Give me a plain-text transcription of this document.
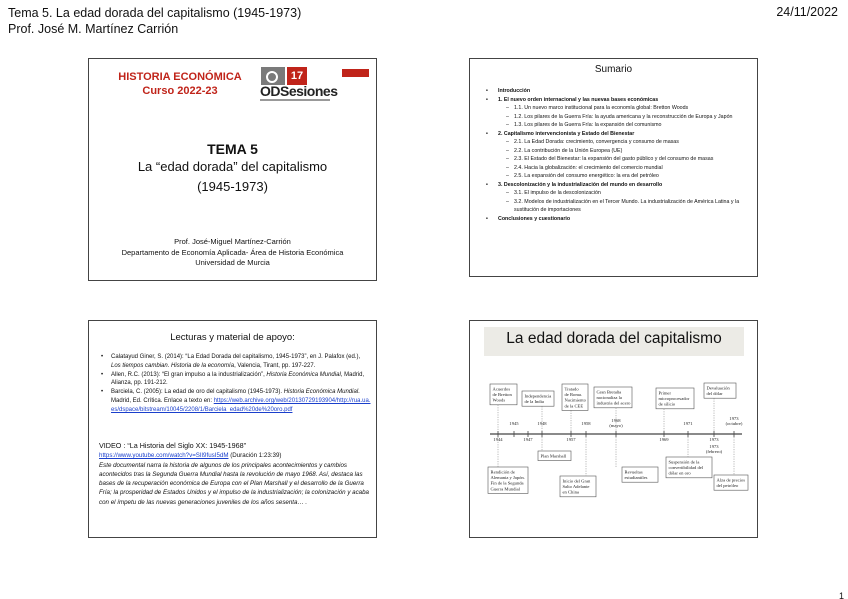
Tema 5. La edad dorada del capitalismo (1945-1973)
Prof. José M. Martínez Carrión
24/11/2022
HISTORIA ECONÓMICA
Curso 2022-23
17
ODSesiones
TEMA 5
La “edad dorada” del capitalismo
(1945-1973)
Prof. José-Miguel Martínez-Carrión
Departamento de Economía Aplicada- Área de Historia Económica
Universidad de Murcia
Sumario
• Introducción
• 1. El nuevo orden internacional y las nuevas bases económicas
– 1.1. Un nuevo marco institucional para la economía global: Bretton Woods
– 1.2. Los pilares de la Guerra Fría: la ayuda americana y la reconstrucción de Europa y Japón
– 1.3. Los pilares de la Guerra Fría: la expansión del comunismo
• 2. Capitalismo intervencionista y Estado del Bienestar
– 2.1. La Edad Dorada: crecimiento, convergencia y consumo de masas
– 2.2. La contribución de la Unión Europea (UE)
– 2.3. El Estado del Bienestar: la expansión del gasto público y del consumo de masas
– 2.4. Hacia la globalización: el crecimiento del comercio mundial
– 2.5. La expansión del consumo energético: la era del petróleo
• 3. Descolonización y la industrialización del mundo en desarrollo
– 3.1. El impulso de la descolonización
– 3.2. Modelos de industrialización en el Tercer Mundo. La industrialización de América Latina y la sustitución de importaciones
• Conclusiones y cuestionario
Lecturas y material de apoyo:
• Calatayud Giner, S. (2014): “La Edad Dorada del capitalismo, 1945-1973”, en J. Palafox (ed.), Los tiempos cambian. Historia de la economía, Valencia, Tirant, pp. 197-227.
• Allen, R.C. (2013): “El gran impulso a la industrialización”, Historia Económica Mundial, Madrid, Alianza, pp. 191-212.
• Barciela, C. (2005): La edad de oro del capitalismo (1945-1973). Historia Económica Mundial. Madrid, Ed. Crítica. Enlace a texto en: https://web.archive.org/web/20130729193904/http://rua.ua.es/dspace/bitstream/10045/2208/1/Barciela_edad%20de%20oro.pdf
VIDEO : “La Historia del Siglo XX: 1945-1968”
https://www.youtube.com/watch?v=SlI9fusI5dM (Duración 1:23:39)
Este documental narra la historia de algunos de los principales acontecimientos y cambios acontecidos tras la Segunda Guerra Mundial hasta la revolución de mayo 1968. Así, destaca las bases de la recuperación económica de Europa con el Plan Marshall y el desarrollo de la Guerra Fría; la prosperidad de Estados Unidos y el impulso de la industrialización; la colonización y acaba con el ímpetu de las nuevas generaciones juveniles de los años sesenta… .
La edad dorada del capitalismo
1944
1945
1947
1948
1957
1958
1968 (mayo)
1969
1971
1973
1973 (octubre)
1973 (febrero)
Acuerdos de Bretton Woods
Independencia de la India
Tratado de Roma. Nacimiento de la CEE
Gran Bretaña nacionaliza la industria del acero
Primer microprocesador de silicio
Devaluación del dólar
Rendición de Alemania y Japón. Fin de la Segunda Guerra Mundial
Plan Marshall
Inicio del Gran Salto Adelante en China
Revueltas estudiantiles
Suspensión de la convertibilidad del dólar en oro
Alza de precios del petróleo
1
